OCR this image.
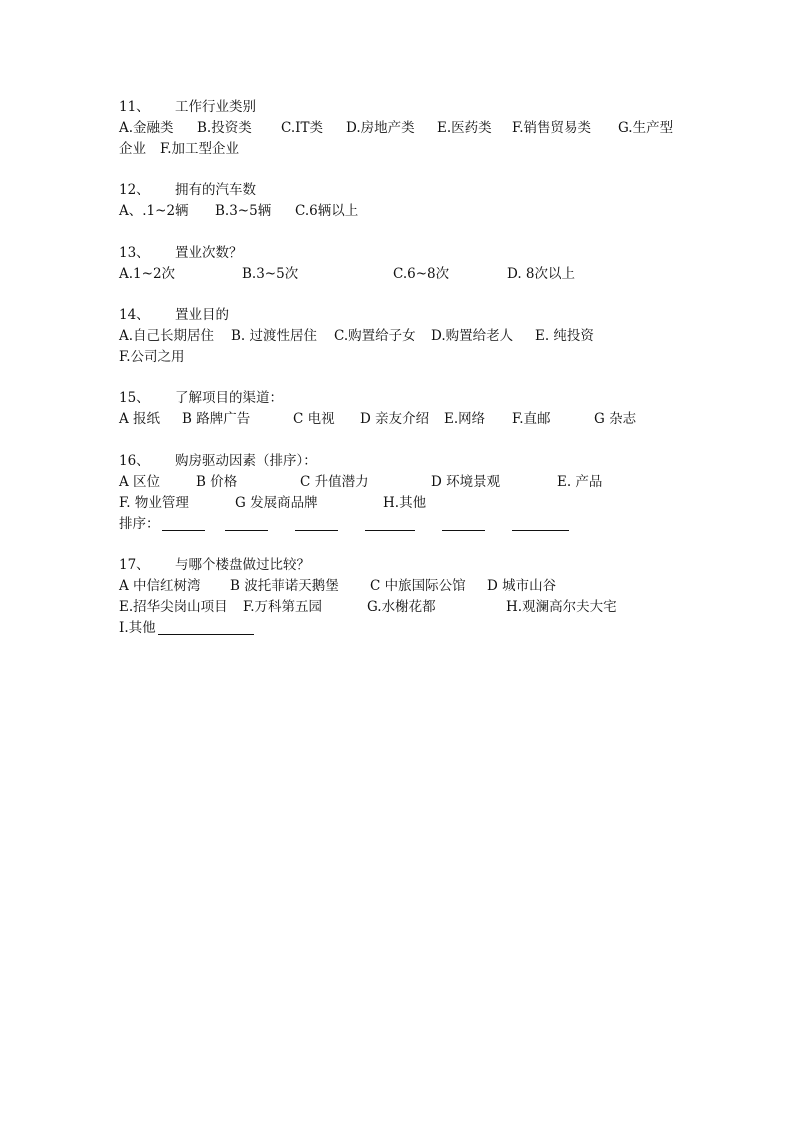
11、 工作行业类别
A.金融类 B.投资类 C.IT类 D.房地产类 E.医药类 F.销售贸易类 G.生产型
企业 F.加工型企业
12、 拥有的汽车数
A、.1~2辆 B.3~5辆 C.6辆以上
13、 置业次数？
A.1~2次	B.3~5次	C.6~8次	D. 8次以上
14、 置业目的
A.自己长期居住 B. 过渡性居住 C.购置给子女 D.购置给老人 E. 纯投资
F.公司之用
15、 了解项目的渠道：
A 报纸 B 路牌广告	C 电视 D 亲友介绍 E.网络 F.直邮	G 杂志
16、 购房驱动因素（排序）：
A 区位	B 价格	C 升值潜力	D 环境景观	E. 产品
F. 物业管理	G 发展商品牌	H.其他
排序：
17、 与哪个楼盘做过比较？
A 中信红树湾 B 波托菲诺天鹅堡 C 中旅国际公馆 D 城市山谷
E.招华尖岗山项目 F.万科第五园	G.水榭花都	H.观澜高尔夫大宅
I.其他
